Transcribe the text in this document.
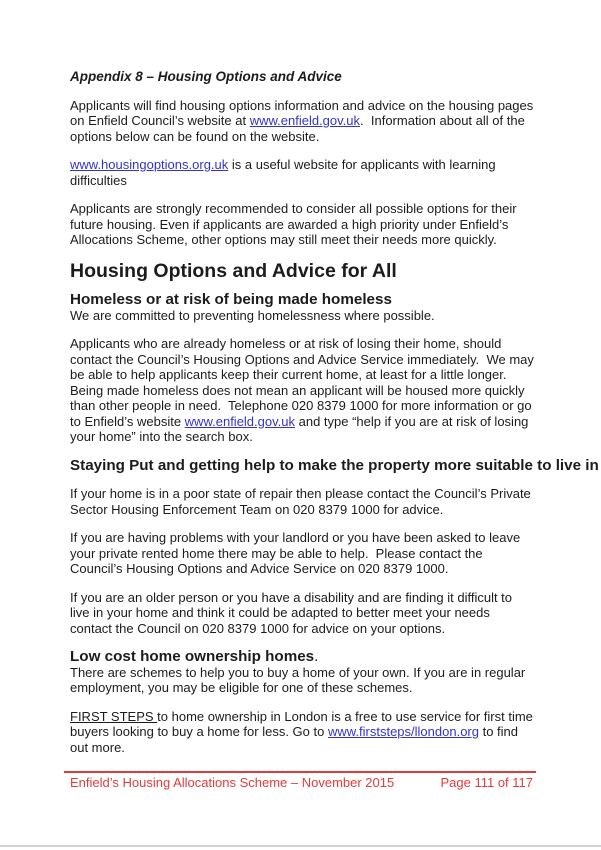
Appendix 8 – Housing Options and Advice

Applicants will find housing options information and advice on the housing pages on Enfield Council’s website at www.enfield.gov.uk.  Information about all of the options below can be found on the website.

www.housingoptions.org.uk is a useful website for applicants with learning difficulties

Applicants are strongly recommended to consider all possible options for their future housing. Even if applicants are awarded a high priority under Enfield’s Allocations Scheme, other options may still meet their needs more quickly.

Housing Options and Advice for All
Homeless or at risk of being made homeless

We are committed to preventing homelessness where possible.

Applicants who are already homeless or at risk of losing their home, should contact the Council’s Housing Options and Advice Service immediately.  We may be able to help applicants keep their current home, at least for a little longer. Being made homeless does not mean an applicant will be housed more quickly than other people in need.  Telephone 020 8379 1000 for more information or go to Enfield’s website www.enfield.gov.uk and type “help if you are at risk of losing your home” into the search box.

Staying Put and getting help to make the property more suitable to live in

If your home is in a poor state of repair then please contact the Council’s Private Sector Housing Enforcement Team on 020 8379 1000 for advice.

If you are having problems with your landlord or you have been asked to leave your private rented home there may be able to help.  Please contact the Council’s Housing Options and Advice Service on 020 8379 1000.

If you are an older person or you have a disability and are finding it difficult to live in your home and think it could be adapted to better meet your needs contact the Council on 020 8379 1000 for advice on your options.

Low cost home ownership homes.

There are schemes to help you to buy a home of your own. If you are in regular employment, you may be eligible for one of these schemes.

FIRST STEPS to home ownership in London is a free to use service for first time buyers looking to buy a home for less. Go to www.firststeps/llondon.org to find out more.

Enfield’s Housing Allocations Scheme – November 2015	Page 111 of 117
